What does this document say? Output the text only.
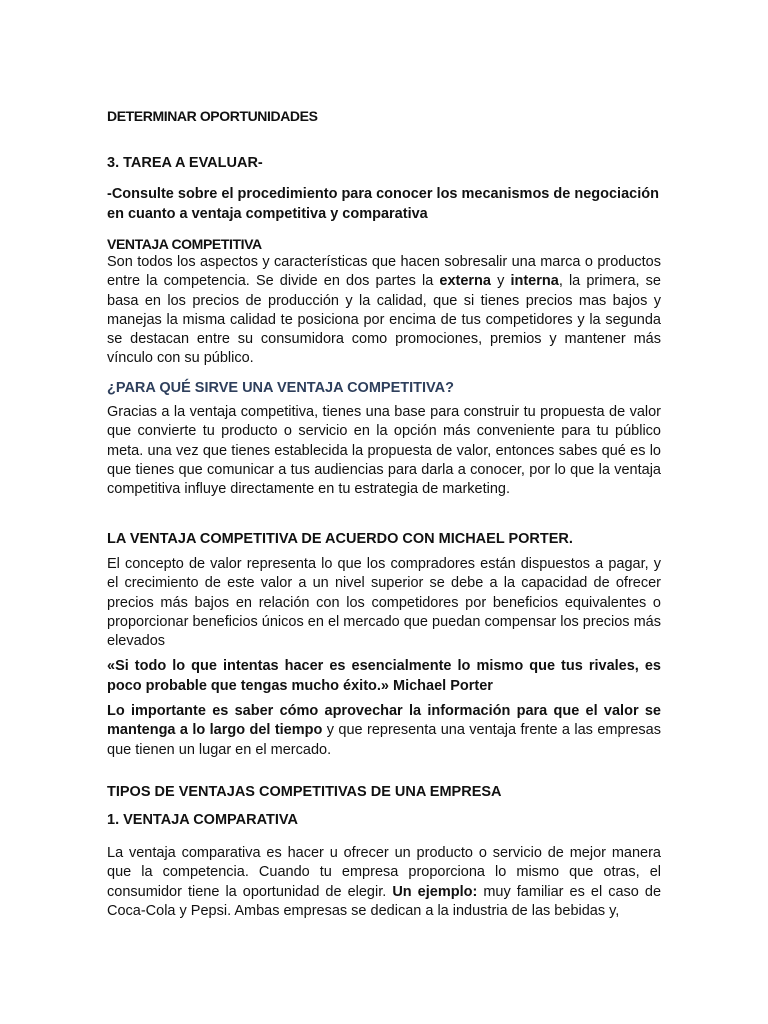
DETERMINAR OPORTUNIDADES
3. TAREA A EVALUAR-
-Consulte sobre el procedimiento para conocer los mecanismos de negociación en cuanto a ventaja competitiva y comparativa
VENTAJA COMPETITIVA

Son todos los aspectos y características que hacen sobresalir una marca o productos entre la competencia. Se divide en dos partes la externa y interna, la primera, se basa en los precios de producción y la calidad, que si tienes precios mas bajos y manejas la misma calidad te posiciona por encima de tus competidores y la segunda se destacan entre su consumidora como promociones, premios y mantener más vínculo con su público.

¿PARA QUÉ SIRVE UNA VENTAJA COMPETITIVA?

Gracias a la ventaja competitiva, tienes una base para construir tu propuesta de valor que convierte tu producto o servicio en la opción más conveniente para tu público meta. una vez que tienes establecida la propuesta de valor, entonces sabes qué es lo que tienes que comunicar a tus audiencias para darla a conocer, por lo que la ventaja competitiva influye directamente en tu estrategia de marketing.

LA VENTAJA COMPETITIVA DE ACUERDO CON MICHAEL PORTER.

El concepto de valor representa lo que los compradores están dispuestos a pagar, y el crecimiento de este valor a un nivel superior se debe a la capacidad de ofrecer precios más bajos en relación con los competidores por beneficios equivalentes o proporcionar beneficios únicos en el mercado que puedan compensar los precios más elevados

«Si todo lo que intentas hacer es esencialmente lo mismo que tus rivales, es poco probable que tengas mucho éxito.» Michael Porter

Lo importante es saber cómo aprovechar la información para que el valor se mantenga a lo largo del tiempo y que representa una ventaja frente a las empresas que tienen un lugar en el mercado.

TIPOS DE VENTAJAS COMPETITIVAS DE UNA EMPRESA
1. VENTAJA COMPARATIVA

La ventaja comparativa es hacer u ofrecer un producto o servicio de mejor manera que la competencia. Cuando tu empresa proporciona lo mismo que otras, el consumidor tiene la oportunidad de elegir. Un ejemplo: muy familiar es el caso de Coca-Cola y Pepsi. Ambas empresas se dedican a la industria de las bebidas y,
